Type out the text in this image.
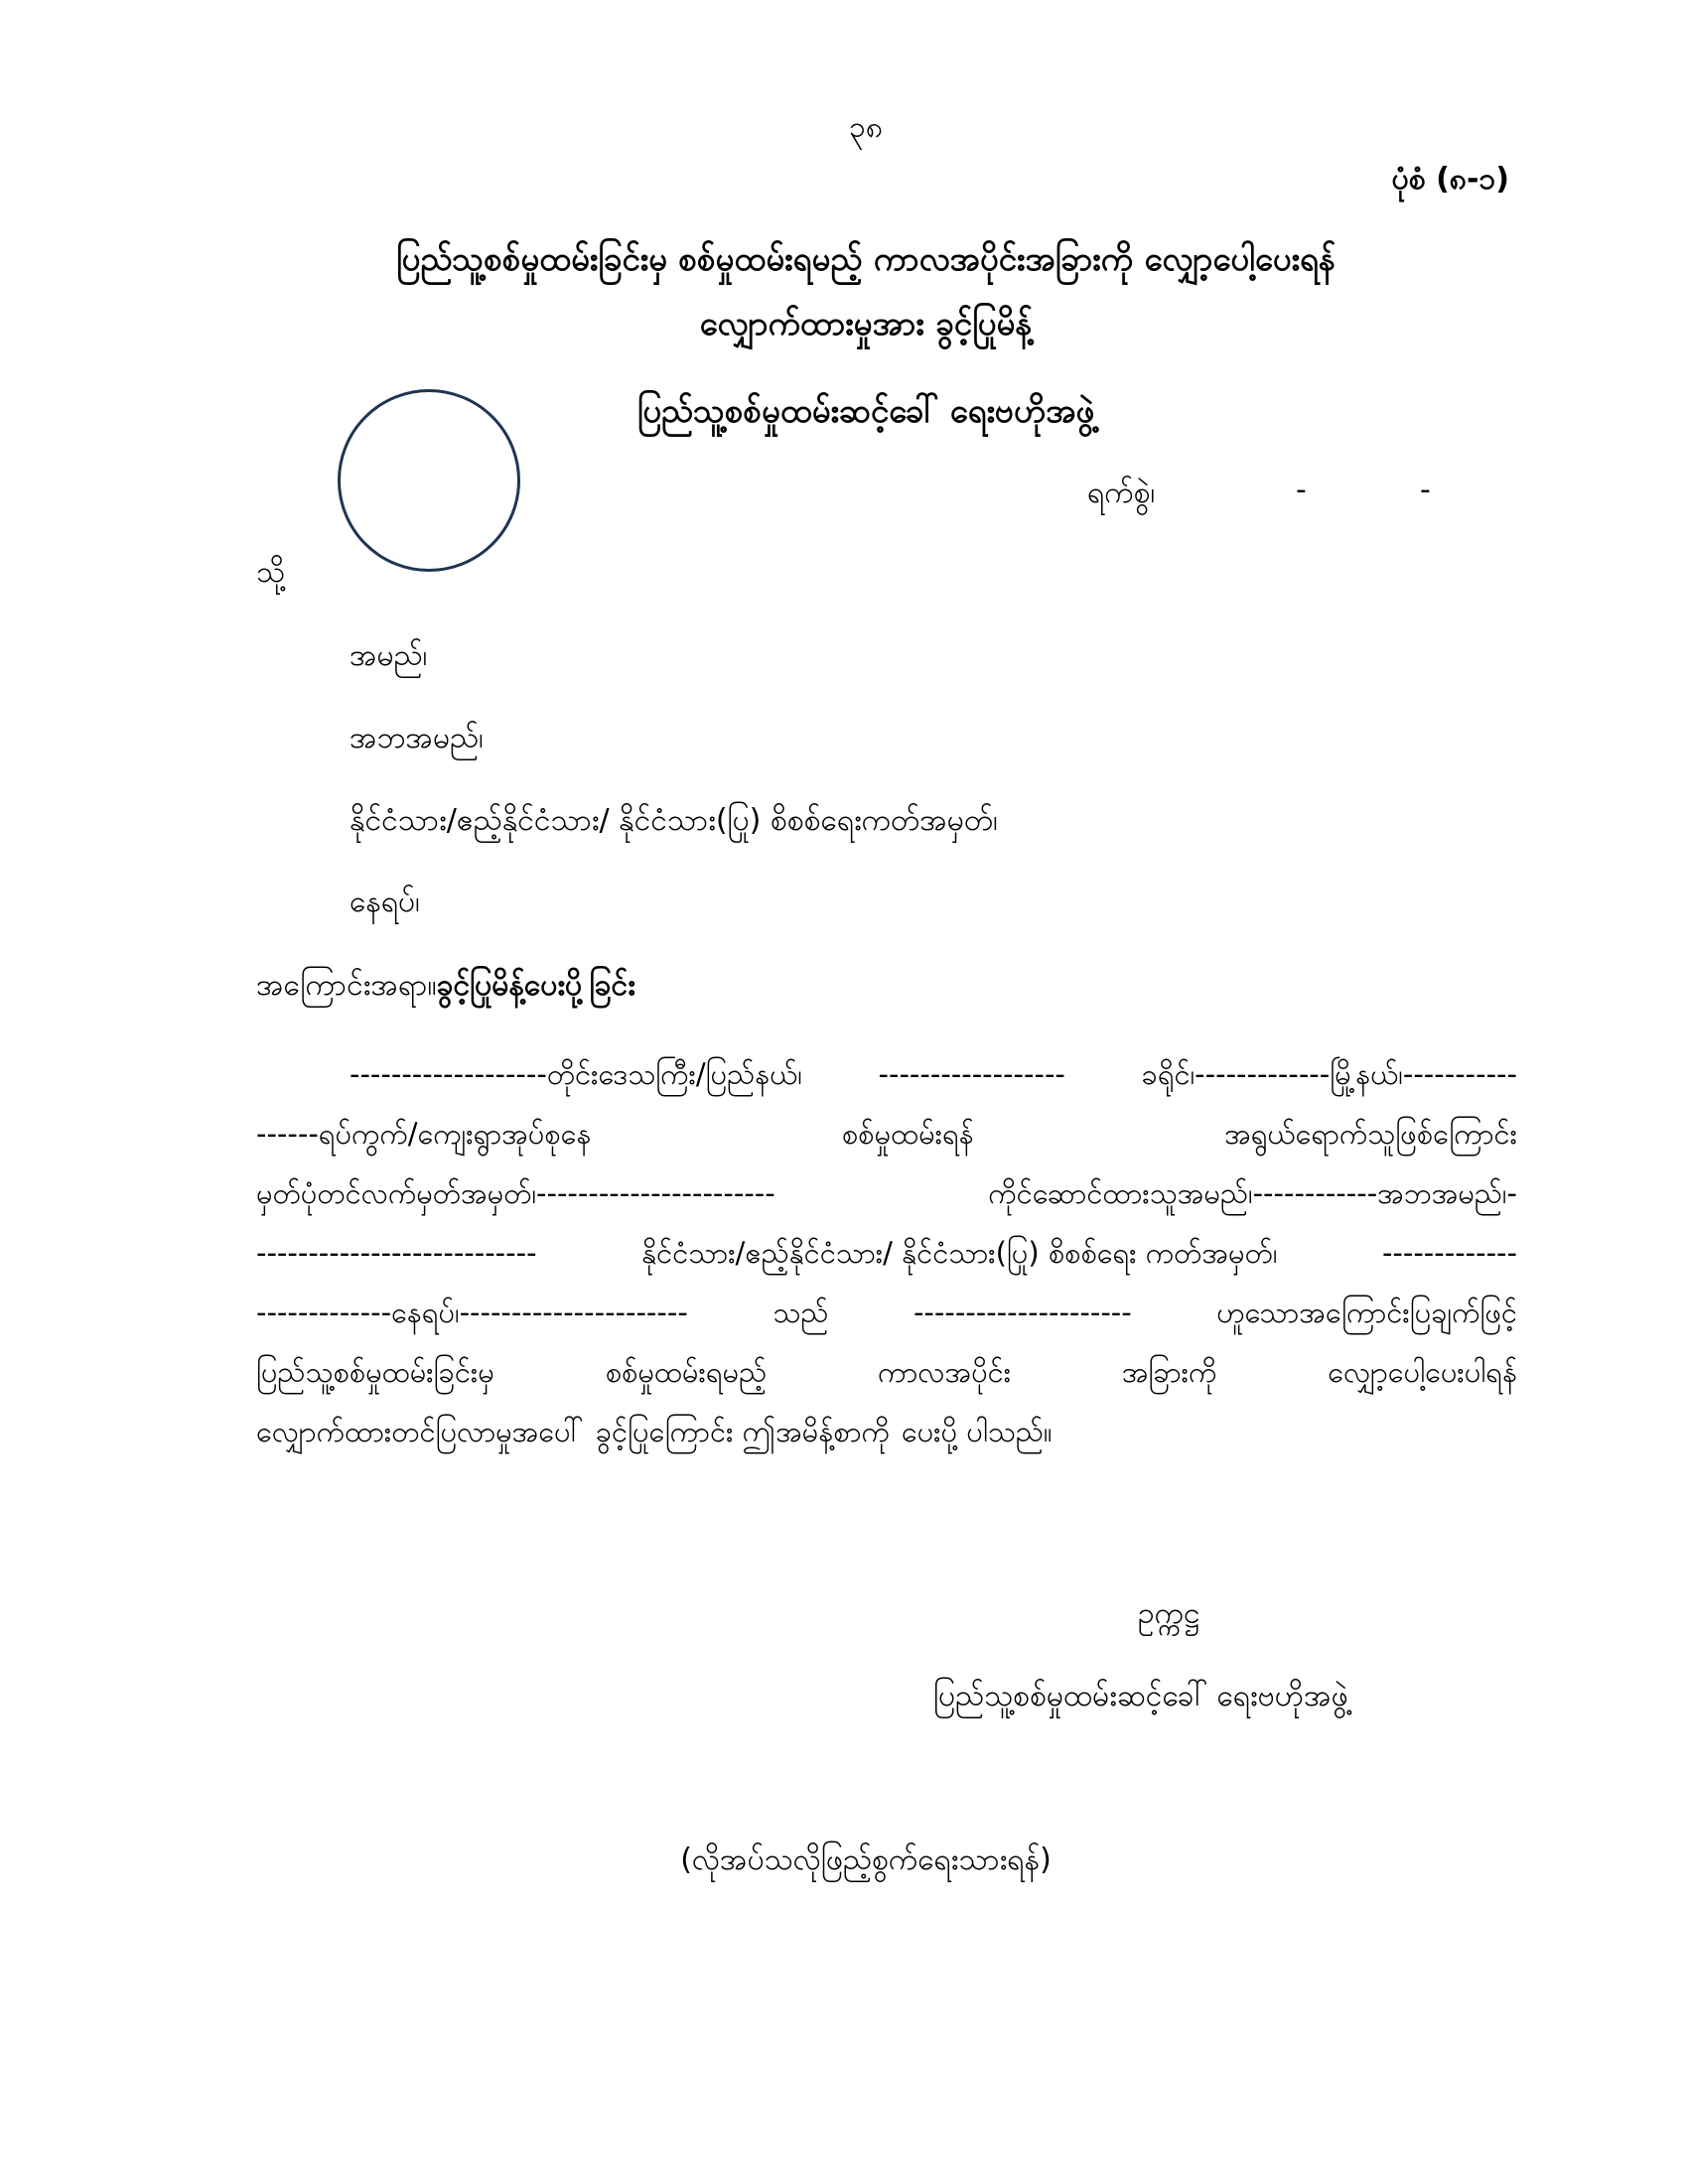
၃၈
ပုံစံ (၈-၁)
ပြည်သူ့စစ်မှုထမ်းခြင်းမှ စစ်မှုထမ်းရမည့် ကာလအပိုင်းအခြားကို လျှော့ပေါ့ပေးရန်
လျှောက်ထားမှုအား ခွင့်ပြုမိန့်
ပြည်သူ့စစ်မှုထမ်းဆင့်ခေါ် ရေးဗဟိုအဖွဲ့
ရက်စွဲ၊	-	-
သို့
အမည်၊
အဘအမည်၊
နိုင်ငံသား/ဧည့်နိုင်ငံသား/ နိုင်ငံသား(ပြု) စိစစ်ရေးကတ်အမှတ်၊
နေရပ်၊
အကြောင်းအရာ။ခွင့်ပြုမိန့်ပေးပို့ခြင်း
-------------------တိုင်းဒေသကြီး/ပြည်နယ်၊	------------------	ခရိုင်၊-------------မြို့နယ်၊-----------
------ရပ်ကွက်/ကျေးရွာအုပ်စုနေ	စစ်မှုထမ်းရန်	အရွယ်ရောက်သူဖြစ်ကြောင်း
မှတ်ပုံတင်လက်မှတ်အမှတ်၊-----------------------	ကိုင်ဆောင်ထားသူအမည်၊------------အဘအမည်၊-
---------------------------	နိုင်ငံသား/ဧည့်နိုင်ငံသား/ နိုင်ငံသား(ပြု) စိစစ်ရေး ကတ်အမှတ်၊	-------------
-------------နေရပ်၊----------------------	သည်	---------------------	ဟူသောအကြောင်းပြချက်ဖြင့်
ပြည်သူ့စစ်မှုထမ်းခြင်းမှ	စစ်မှုထမ်းရမည့်	ကာလအပိုင်း	အခြားကို	လျှော့ပေါ့ပေးပါရန်
လျှောက်ထားတင်ပြလာမှုအပေါ် ခွင့်ပြုကြောင်း ဤအမိန့်စာကို ပေးပို့ ပါသည်။
ဥက္ကဋ္ဌ
ပြည်သူ့စစ်မှုထမ်းဆင့်ခေါ် ရေးဗဟိုအဖွဲ့
(လိုအပ်သလိုဖြည့်စွက်ရေးသားရန်)
